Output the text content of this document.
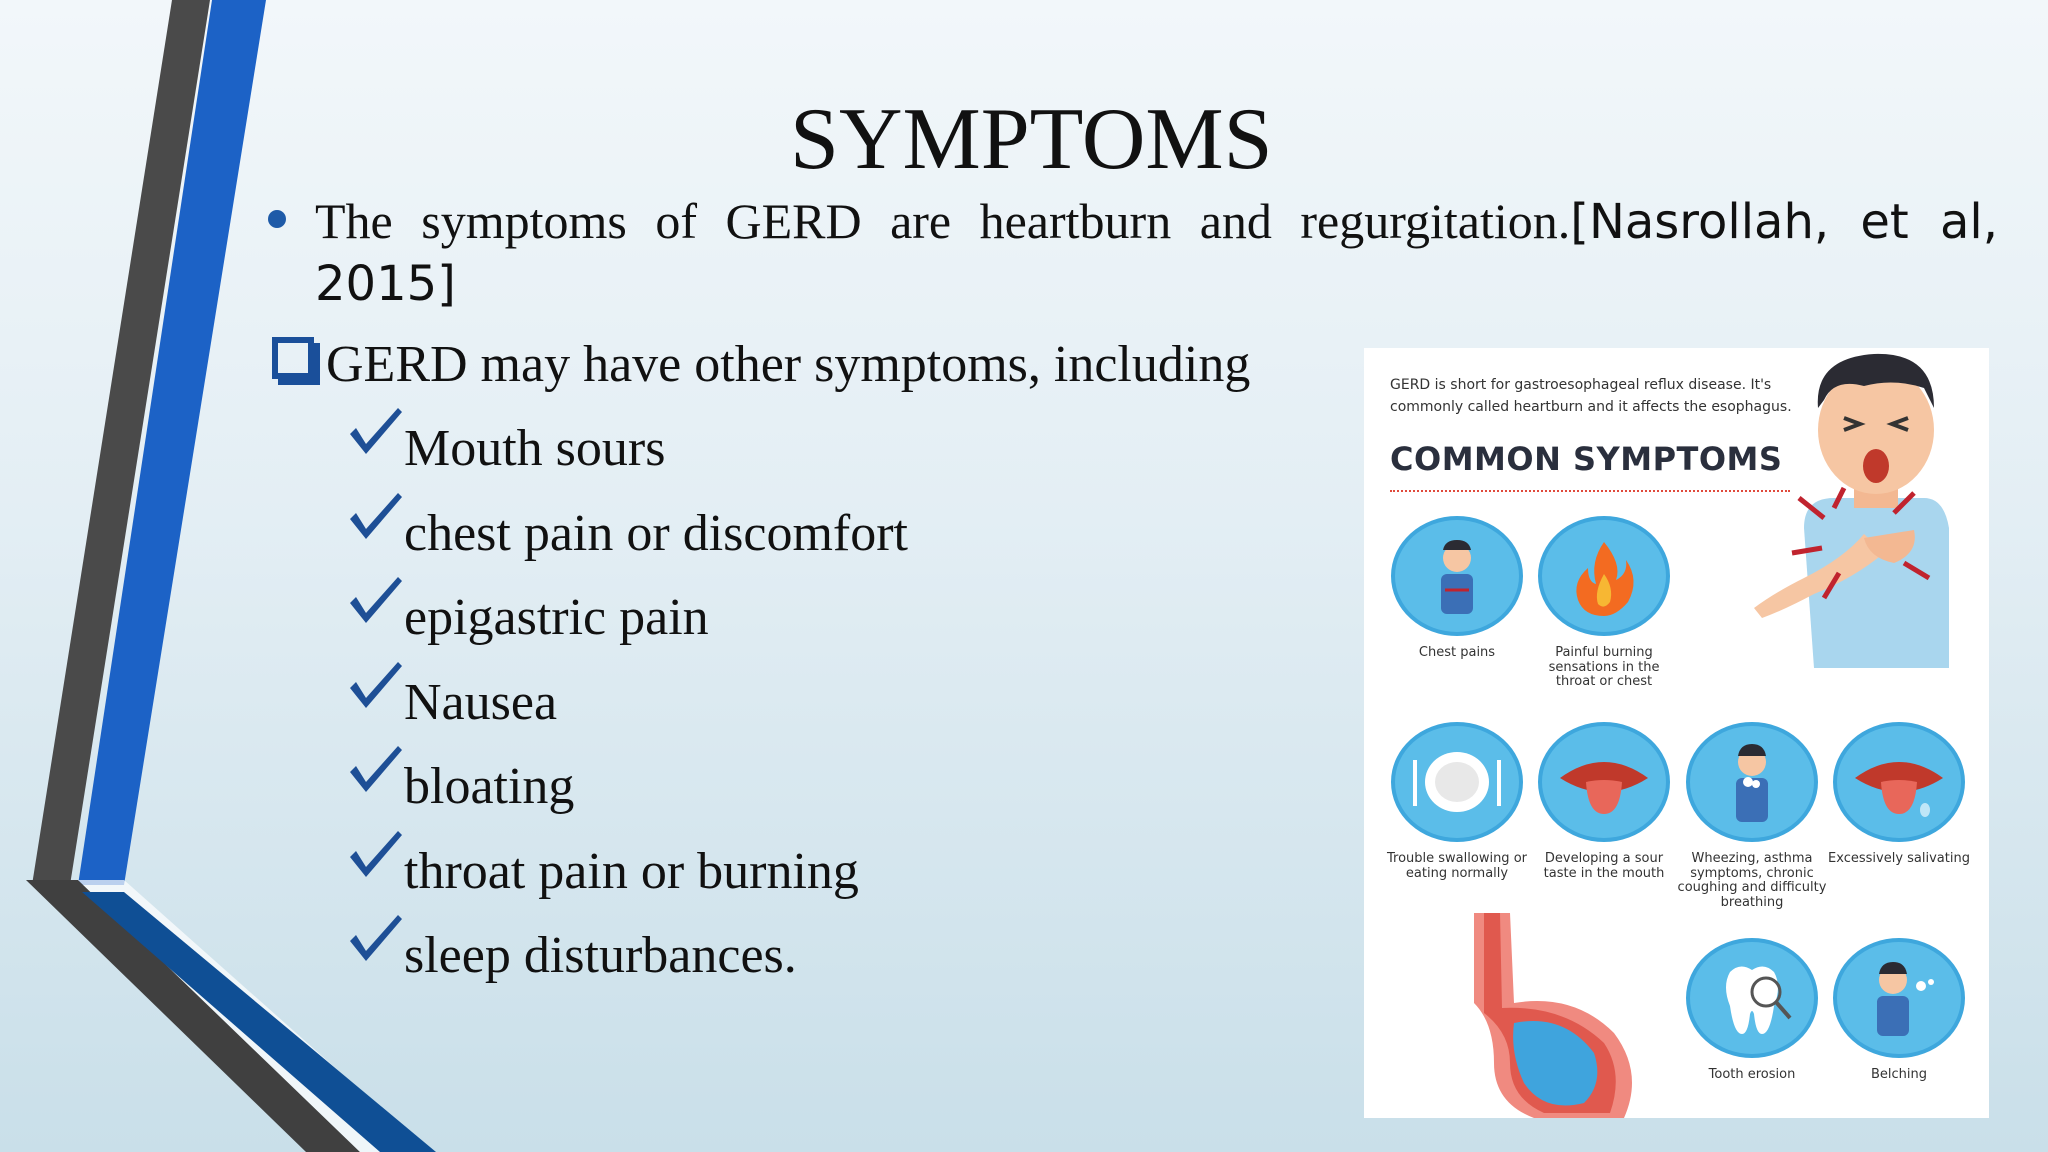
SYMPTOMS
The symptoms of GERD are heartburn and regurgitation.[Nasrollah, et al,
2015]
GERD may have other symptoms, including
Mouth sours
chest pain or discomfort
epigastric pain
Nausea
bloating
throat pain or burning
sleep disturbances.
GERD is short for gastroesophageal reflux disease. It's commonly called heartburn and it affects the esophagus.
COMMON SYMPTOMS
Chest pains	Painful burning sensations in the throat or chest
Trouble swallowing or eating normally
Developing a sour taste in the mouth
Wheezing, asthma symptoms, chronic coughing and difficulty breathing
Excessively salivating
Tooth erosion	Belching
